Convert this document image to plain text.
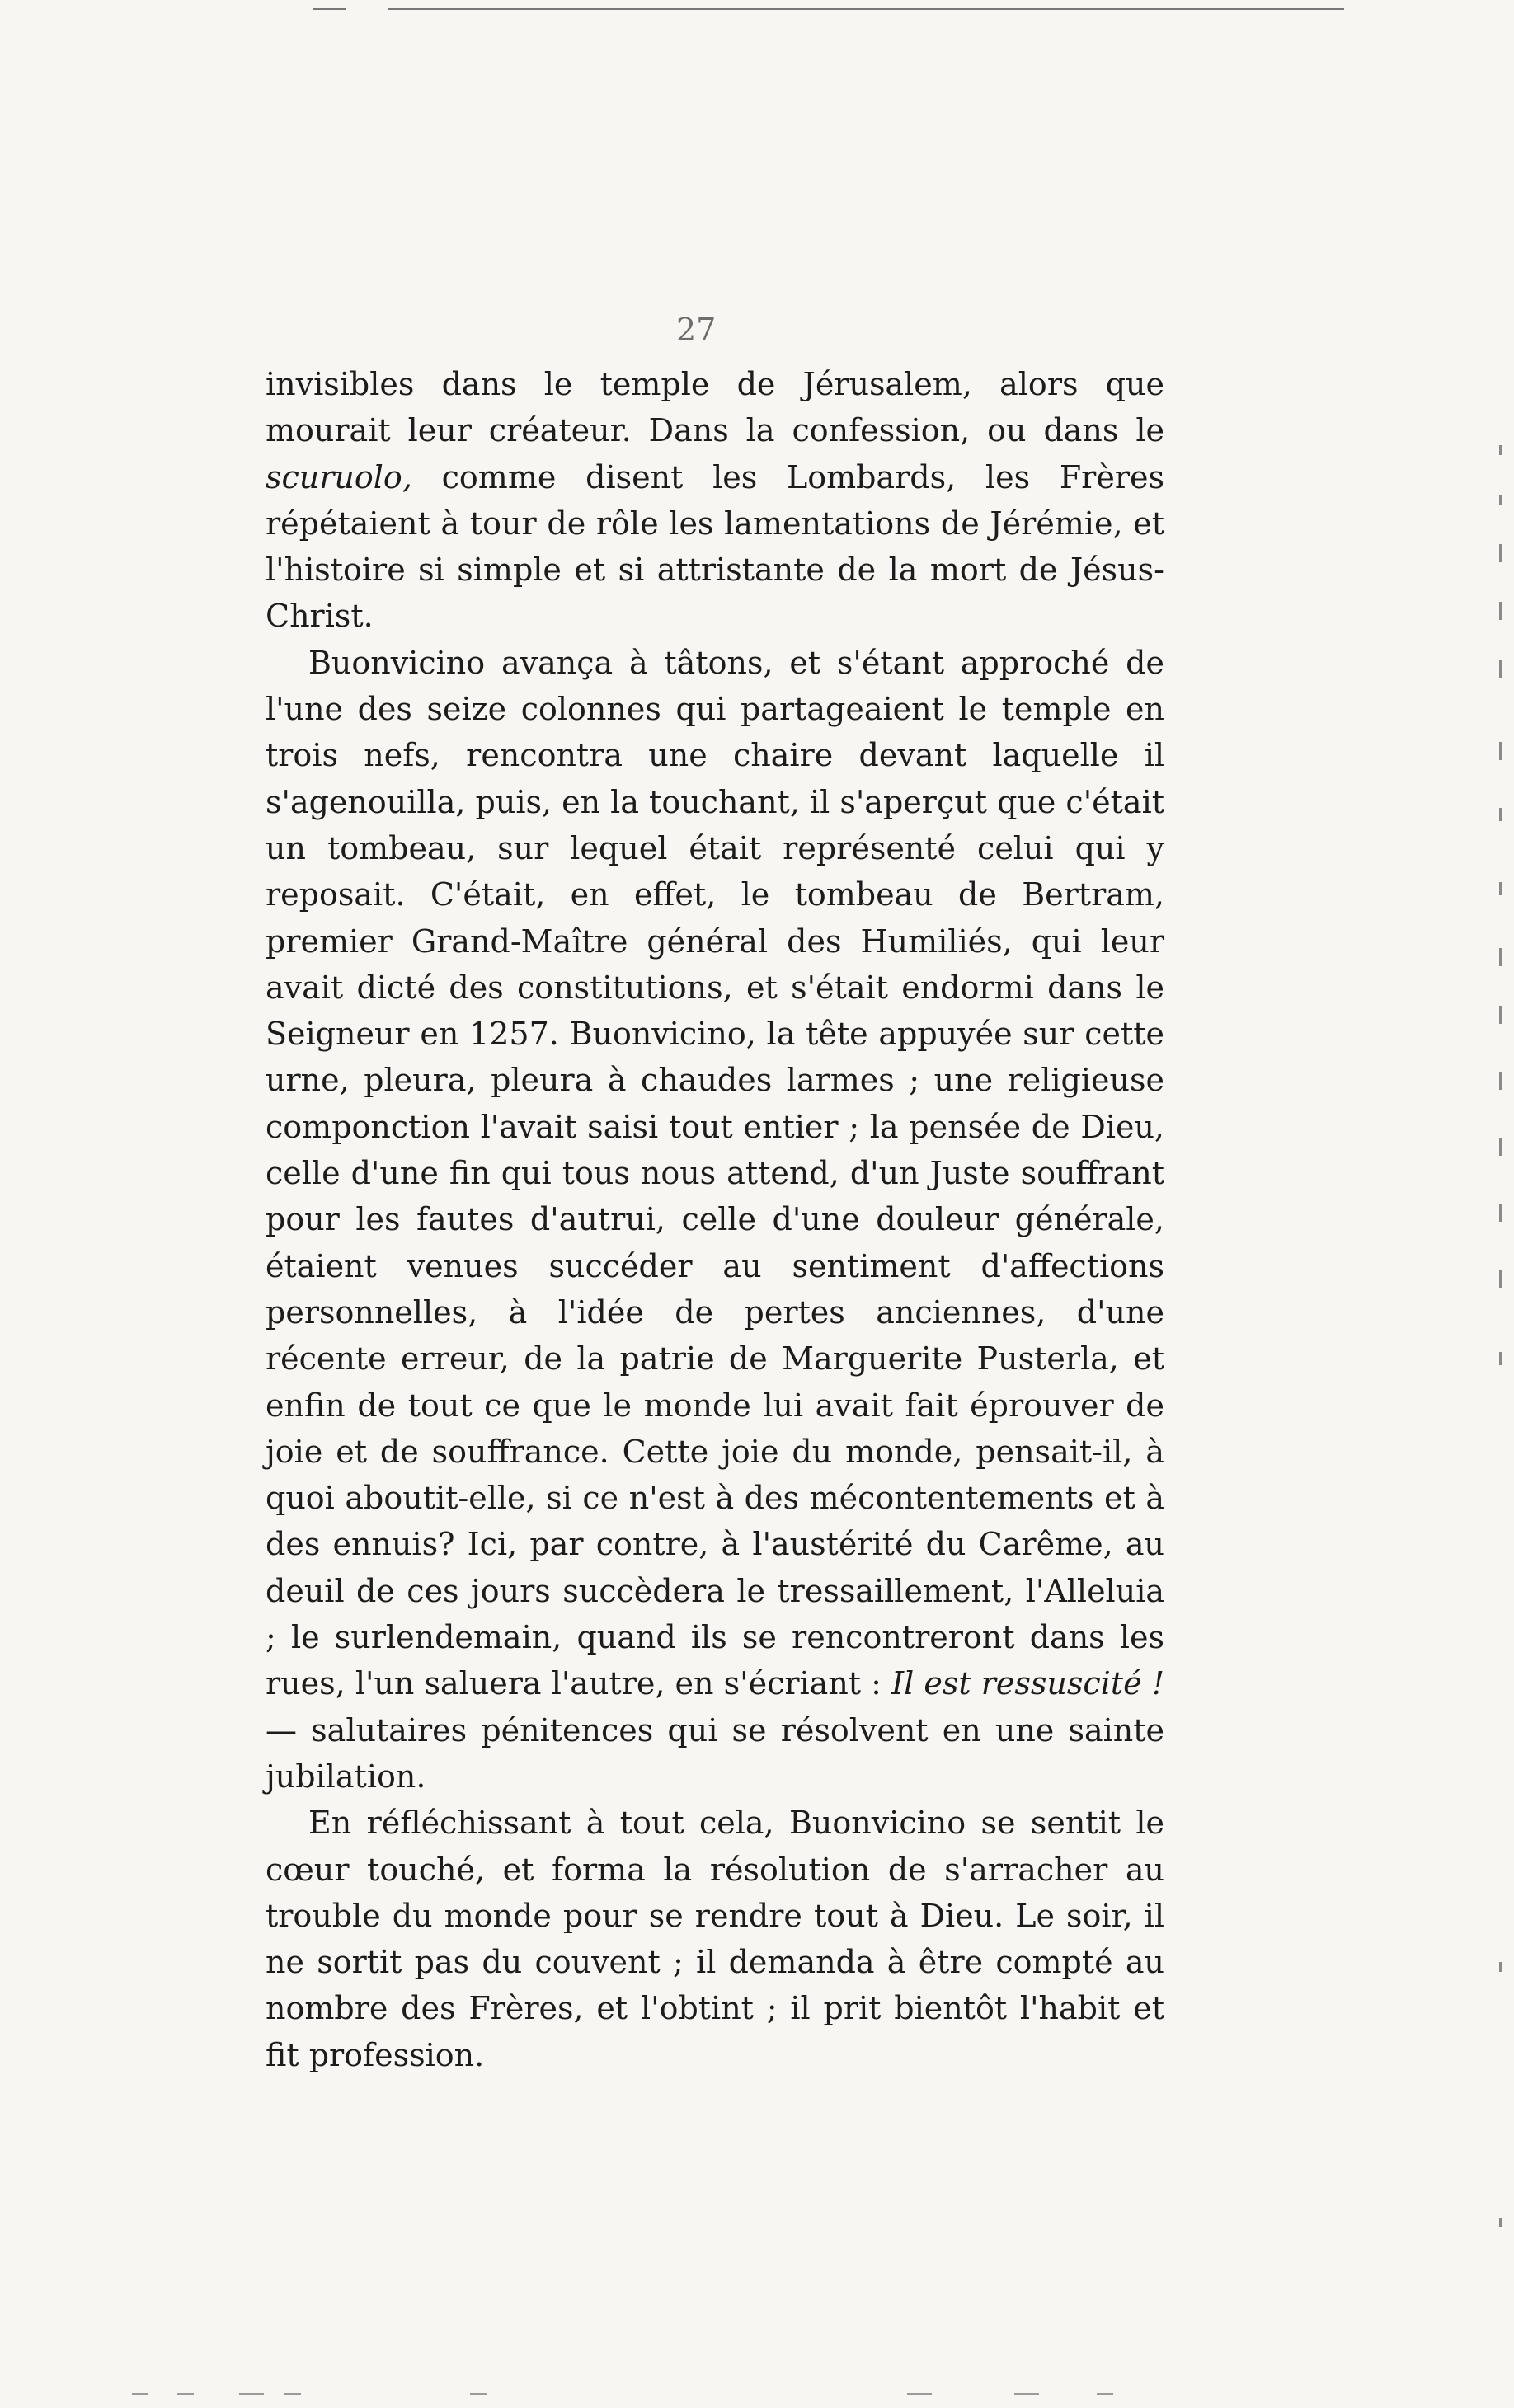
27

invisibles dans le temple de Jérusalem, alors que mourait leur créateur. Dans la confession, ou dans le scuruolo, comme disent les Lombards, les Frères répétaient à tour de rôle les lamentations de Jérémie, et l'histoire si simple et si attristante de la mort de Jésus-Christ.

Buonvicino avança à tâtons, et s'étant approché de l'une des seize colonnes qui partageaient le temple en trois nefs, rencontra une chaire devant laquelle il s'agenouilla, puis, en la touchant, il s'aperçut que c'était un tombeau, sur lequel était représenté celui qui y reposait. C'était, en effet, le tombeau de Bertram, premier Grand-Maître général des Humiliés, qui leur avait dicté des constitutions, et s'était endormi dans le Seigneur en 1257. Buonvicino, la tête appuyée sur cette urne, pleura, pleura à chaudes larmes ; une religieuse componction l'avait saisi tout entier ; la pensée de Dieu, celle d'une fin qui tous nous attend, d'un Juste souffrant pour les fautes d'autrui, celle d'une douleur générale, étaient venues succéder au sentiment d'affections personnelles, à l'idée de pertes anciennes, d'une récente erreur, de la patrie de Marguerite Pusterla, et enfin de tout ce que le monde lui avait fait éprouver de joie et de souffrance. Cette joie du monde, pensait-il, à quoi aboutit-elle, si ce n'est à des mécontentements et à des ennuis? Ici, par contre, à l'austérité du Carême, au deuil de ces jours succèdera le tressaillement, l'Alleluia ; le surlendemain, quand ils se rencontreront dans les rues, l'un saluera l'autre, en s'écriant : Il est ressuscité ! — salutaires pénitences qui se résolvent en une sainte jubilation.

En réfléchissant à tout cela, Buonvicino se sentit le cœur touché, et forma la résolution de s'arracher au trouble du monde pour se rendre tout à Dieu. Le soir, il ne sortit pas du couvent ; il demanda à être compté au nombre des Frères, et l'obtint ; il prit bientôt l'habit et fit profession.
